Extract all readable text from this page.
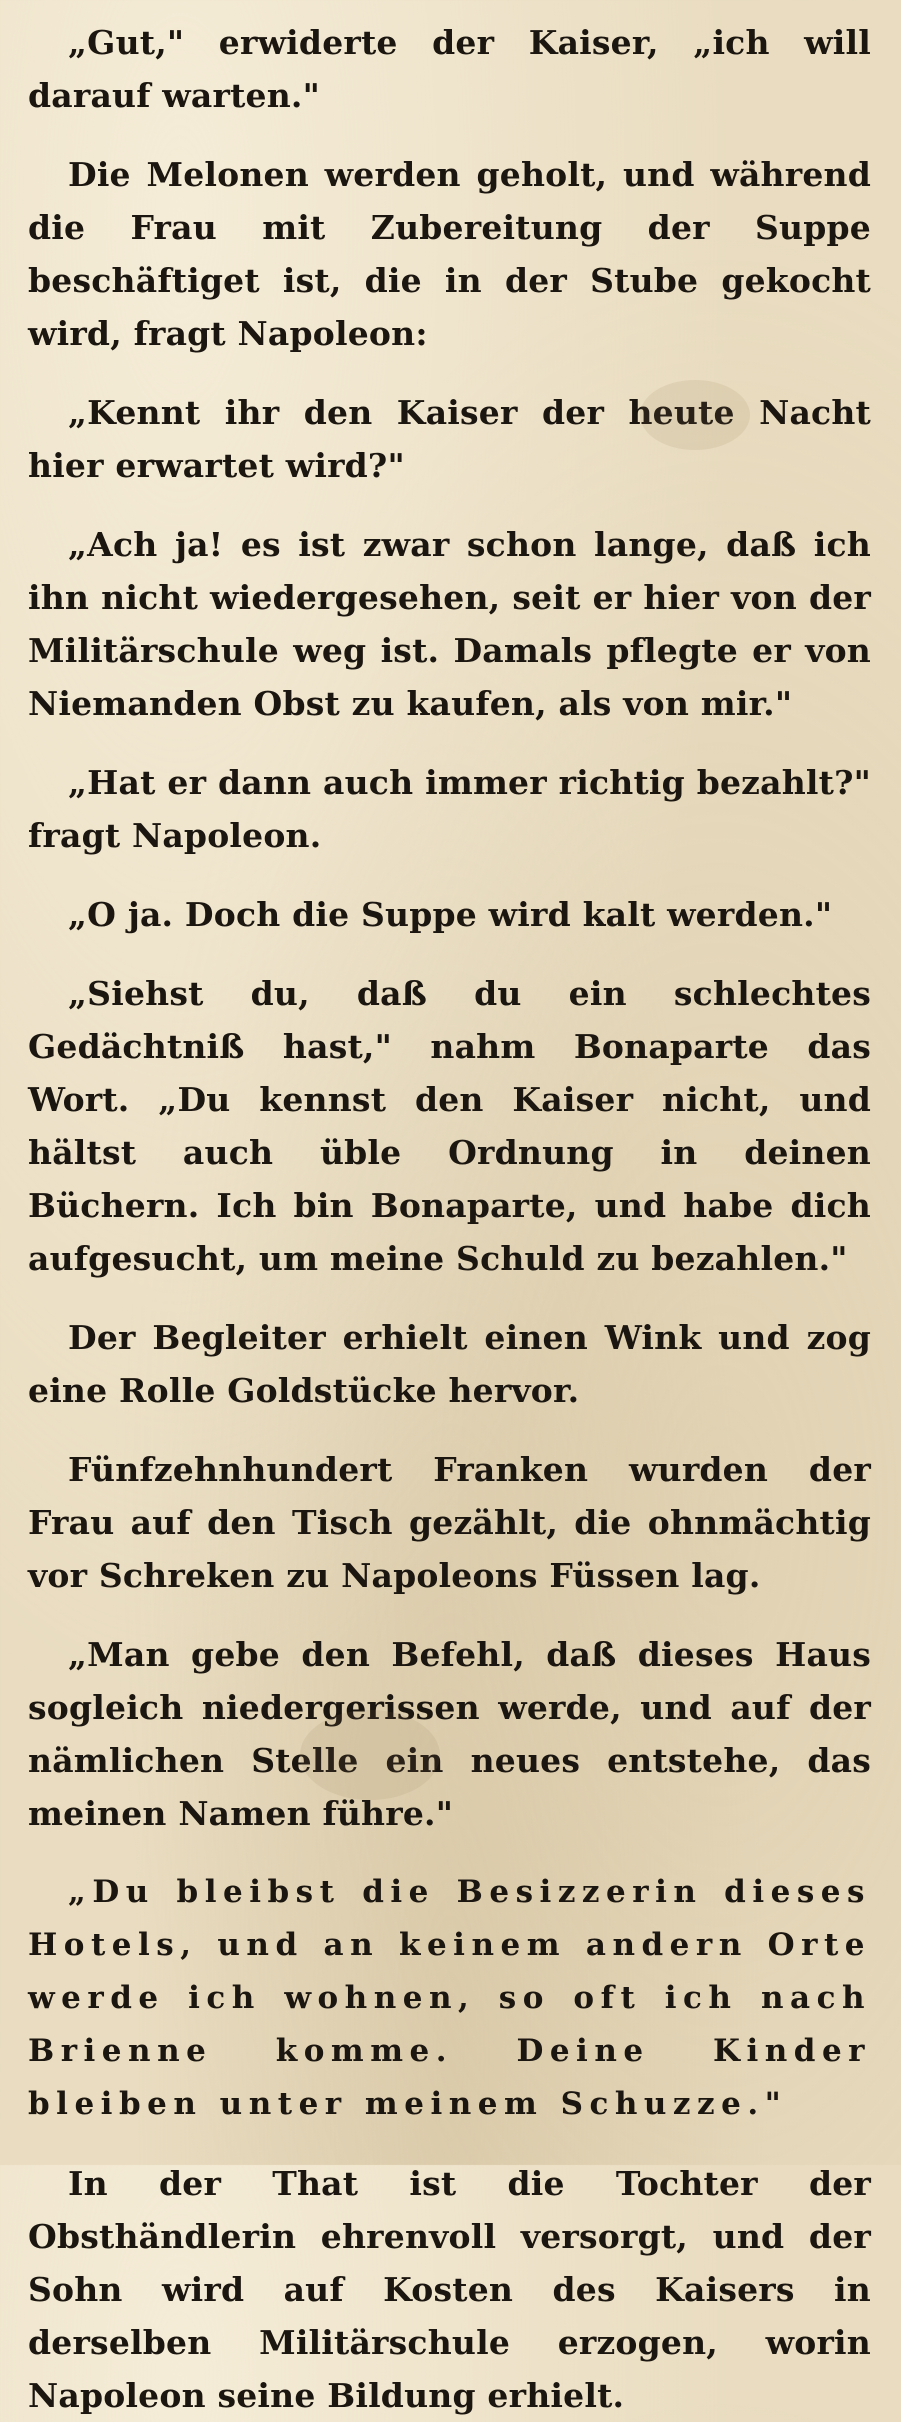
„Gut," erwiderte der Kaiser, „ich will darauf warten."

Die Melonen werden geholt, und während die Frau mit Zubereitung der Suppe beschäftiget ist, die in der Stube gekocht wird, fragt Napoleon:

„Kennt ihr den Kaiser der heute Nacht hier erwartet wird?"

„Ach ja! es ist zwar schon lange, daß ich ihn nicht wiedergesehen, seit er hier von der Militärschule weg ist. Damals pflegte er von Niemanden Obst zu kaufen, als von mir."

„Hat er dann auch immer richtig bezahlt?" fragt Napoleon.

„O ja. Doch die Suppe wird kalt werden."

„Siehst du, daß du ein schlechtes Gedächtniß hast," nahm Bonaparte das Wort. „Du kennst den Kaiser nicht, und hältst auch üble Ordnung in deinen Büchern. Ich bin Bonaparte, und habe dich aufgesucht, um meine Schuld zu bezahlen."

Der Begleiter erhielt einen Wink und zog eine Rolle Goldstücke hervor.

Fünfzehnhundert Franken wurden der Frau auf den Tisch gezählt, die ohnmächtig vor Schreken zu Napoleons Füssen lag.

„Man gebe den Befehl, daß dieses Haus sogleich niedergerissen werde, und auf der nämlichen Stelle ein neues entstehe, das meinen Namen führe."

„Du bleibst die Besizzerin dieses Hotels, und an keinem andern Orte werde ich wohnen, so oft ich nach Brienne komme. Deine Kinder bleiben unter meinem Schuzze."

In der That ist die Tochter der Obsthändlerin ehrenvoll versorgt, und der Sohn wird auf Kosten des Kaisers in derselben Militärschule erzogen, worin Napoleon seine Bildung erhielt.
